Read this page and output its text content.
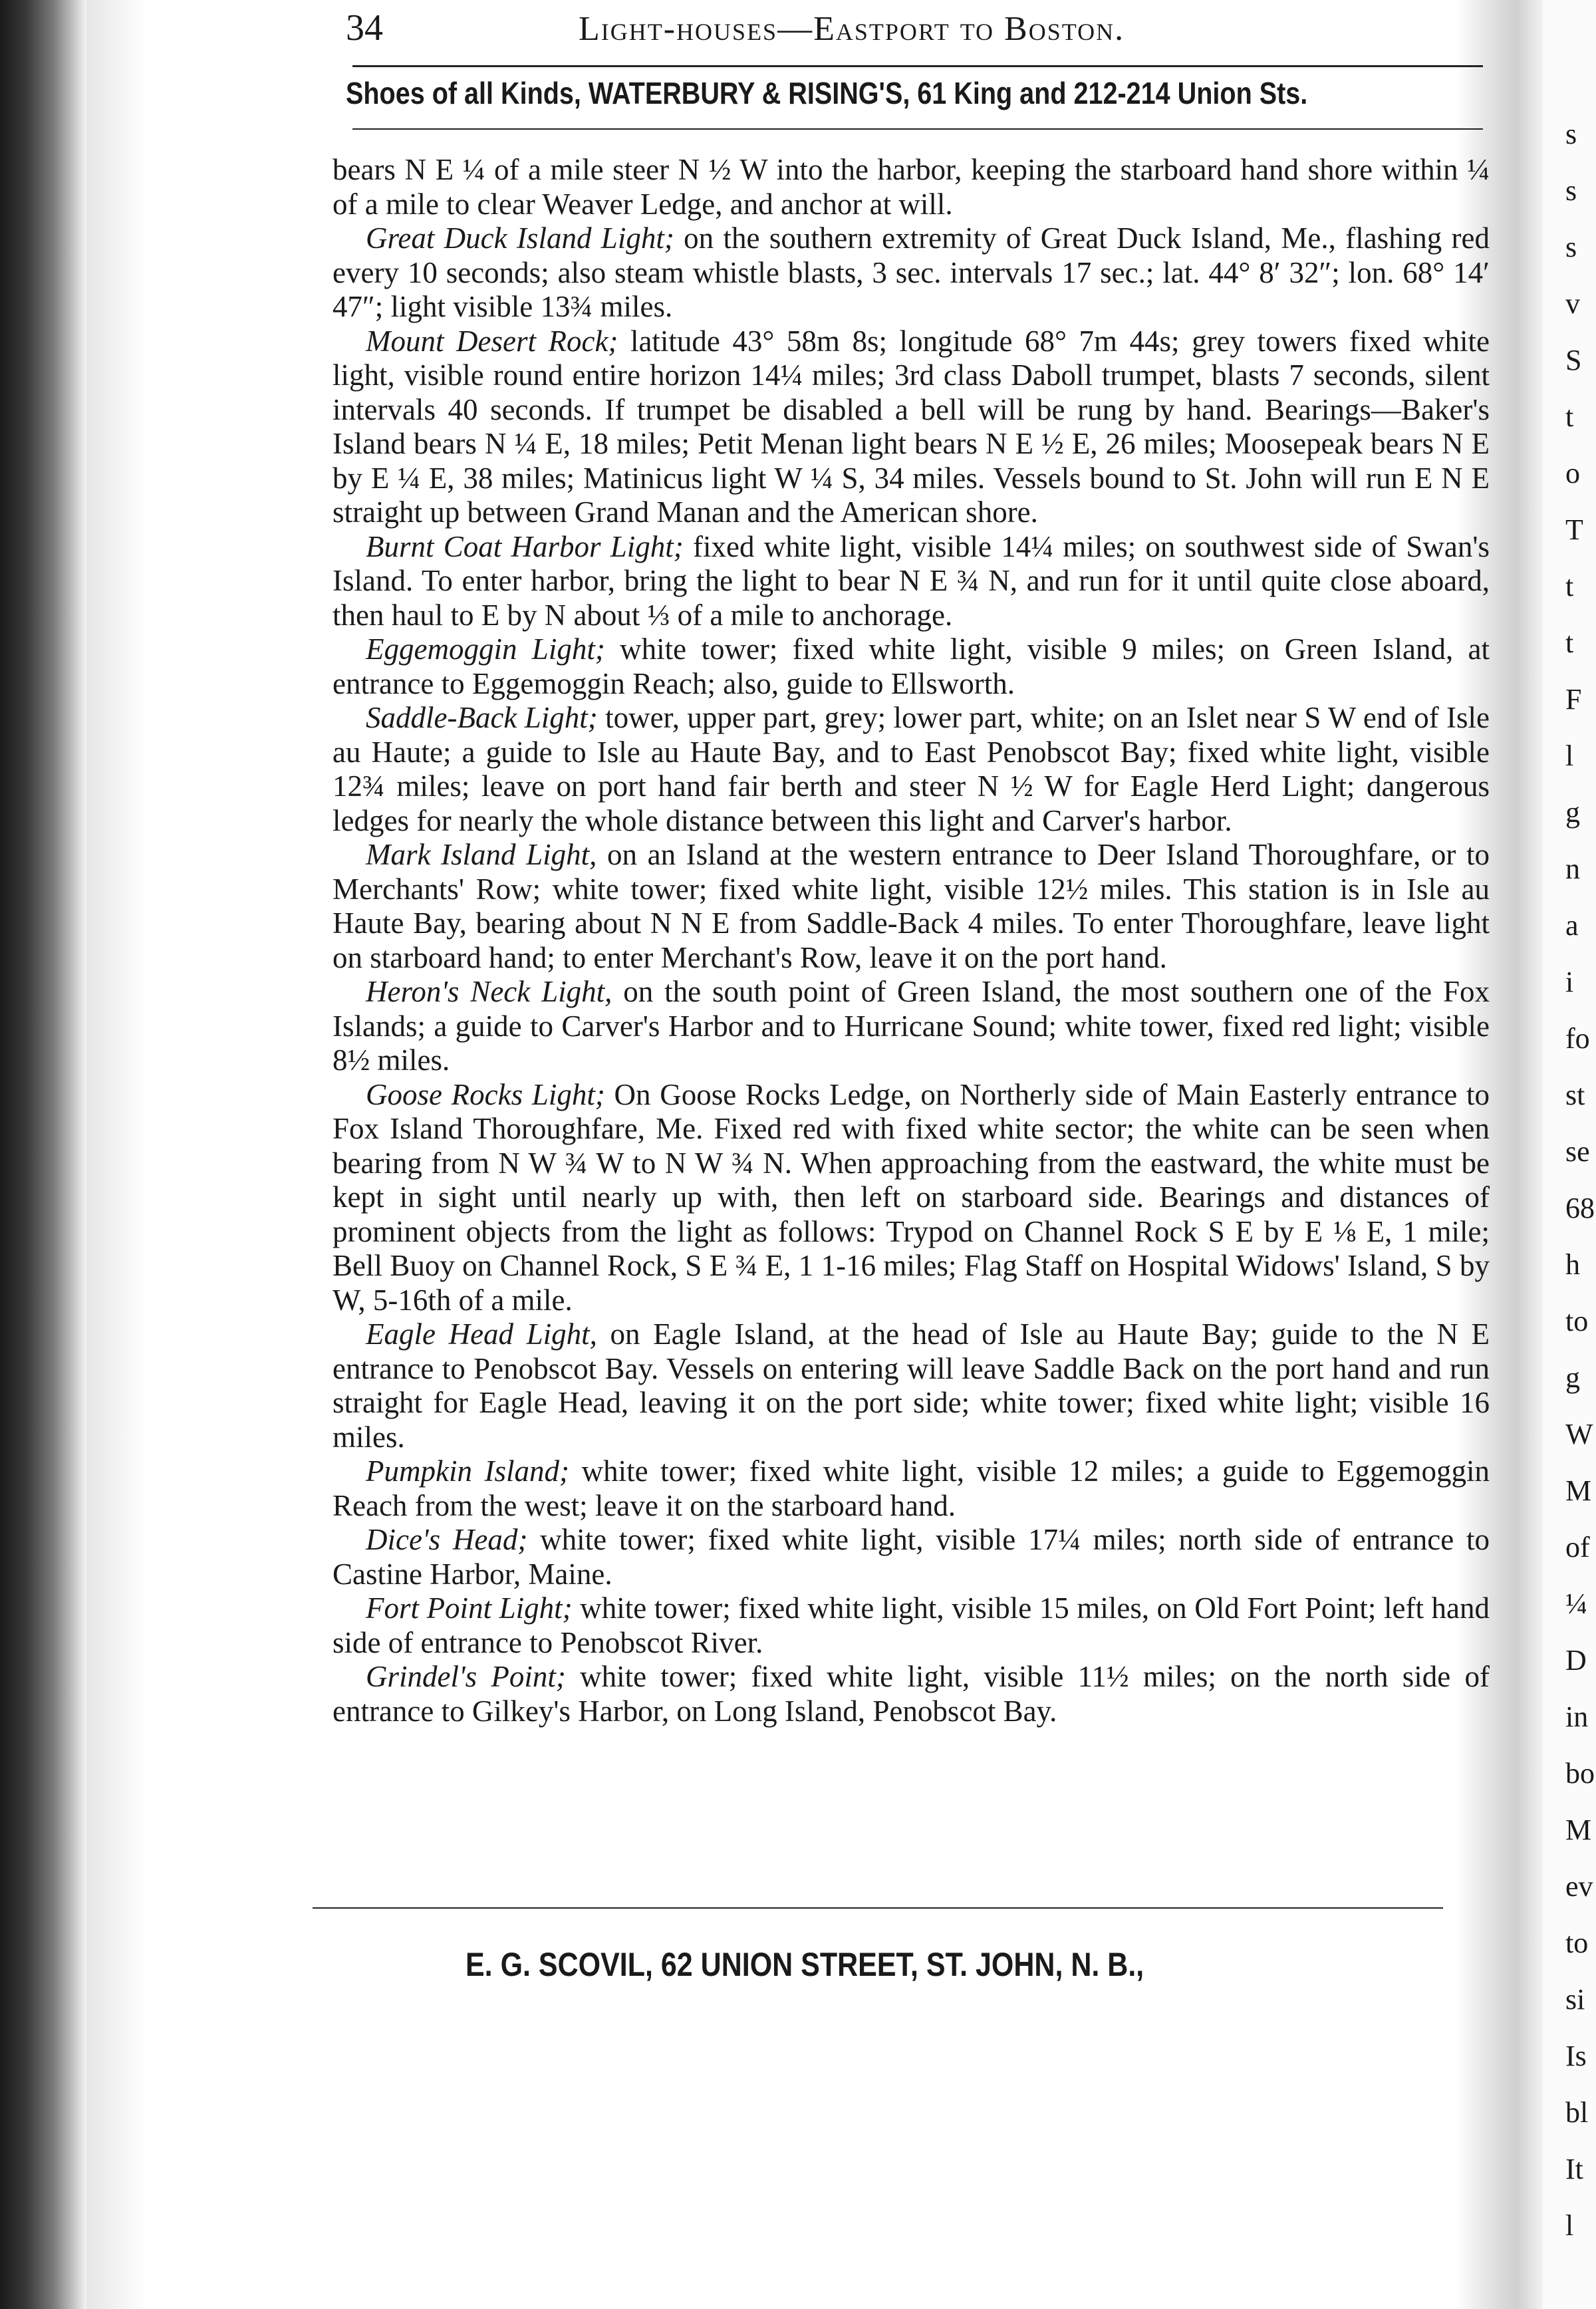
s
s
s
v
S
t
o
T
t
t
F
l
g
n
a
i
fo
st
se
68
h
to
g
W
M
of
¼
D
in
bo
M
ev
to
si
Is
bl
It
l
34	Light-houses—Eastport to Boston.
Shoes of all Kinds, WATERBURY & RISING'S, 61 King and 212-214 Union Sts.

bears N E ¼ of a mile steer N ½ W into the harbor, keeping the starboard hand shore within ¼ of a mile to clear Weaver Ledge, and anchor at will.

Great Duck Island Light; on the southern extremity of Great Duck Island, Me., flashing red every 10 seconds; also steam whistle blasts, 3 sec. intervals 17 sec.; lat. 44° 8′ 32″; lon. 68° 14′ 47″; light visible 13¾ miles.

Mount Desert Rock; latitude 43° 58m 8s; longitude 68° 7m 44s; grey towers fixed white light, visible round entire horizon 14¼ miles; 3rd class Daboll trumpet, blasts 7 seconds, silent intervals 40 seconds. If trumpet be disabled a bell will be rung by hand. Bearings—Baker's Island bears N ¼ E, 18 miles; Petit Menan light bears N E ½ E, 26 miles; Moosepeak bears N E by E ¼ E, 38 miles; Matinicus light W ¼ S, 34 miles. Vessels bound to St. John will run E N E straight up between Grand Manan and the American shore.

Burnt Coat Harbor Light; fixed white light, visible 14¼ miles; on southwest side of Swan's Island. To enter harbor, bring the light to bear N E ¾ N, and run for it until quite close aboard, then haul to E by N about ⅓ of a mile to anchorage.

Eggemoggin Light; white tower; fixed white light, visible 9 miles; on Green Island, at entrance to Eggemoggin Reach; also, guide to Ellsworth.

Saddle-Back Light; tower, upper part, grey; lower part, white; on an Islet near S W end of Isle au Haute; a guide to Isle au Haute Bay, and to East Penobscot Bay; fixed white light, visible 12¾ miles; leave on port hand fair berth and steer N ½ W for Eagle Herd Light; dangerous ledges for nearly the whole distance between this light and Carver's harbor.

Mark Island Light, on an Island at the western entrance to Deer Island Thoroughfare, or to Merchants' Row; white tower; fixed white light, visible 12½ miles. This station is in Isle au Haute Bay, bearing about N N E from Saddle-Back 4 miles. To enter Thoroughfare, leave light on starboard hand; to enter Merchant's Row, leave it on the port hand.

Heron's Neck Light, on the south point of Green Island, the most southern one of the Fox Islands; a guide to Carver's Harbor and to Hurricane Sound; white tower, fixed red light; visible 8½ miles.

Goose Rocks Light; On Goose Rocks Ledge, on Northerly side of Main Easterly entrance to Fox Island Thoroughfare, Me. Fixed red with fixed white sector; the white can be seen when bearing from N W ¾ W to N W ¾ N. When approaching from the eastward, the white must be kept in sight until nearly up with, then left on starboard side. Bearings and distances of prominent objects from the light as follows: Trypod on Channel Rock S E by E ⅛ E, 1 mile; Bell Buoy on Channel Rock, S E ¾ E, 1 1-16 miles; Flag Staff on Hospital Widows' Island, S by W, 5-16th of a mile.

Eagle Head Light, on Eagle Island, at the head of Isle au Haute Bay; guide to the N E entrance to Penobscot Bay. Vessels on entering will leave Saddle Back on the port hand and run straight for Eagle Head, leaving it on the port side; white tower; fixed white light; visible 16 miles.

Pumpkin Island; white tower; fixed white light, visible 12 miles; a guide to Eggemoggin Reach from the west; leave it on the starboard hand.

Dice's Head; white tower; fixed white light, visible 17¼ miles; north side of entrance to Castine Harbor, Maine.

Fort Point Light; white tower; fixed white light, visible 15 miles, on Old Fort Point; left hand side of entrance to Penobscot River.

Grindel's Point; white tower; fixed white light, visible 11½ miles; on the north side of entrance to Gilkey's Harbor, on Long Island, Penobscot Bay.

E. G. SCOVIL, 62 UNION STREET, ST. JOHN, N. B.,
